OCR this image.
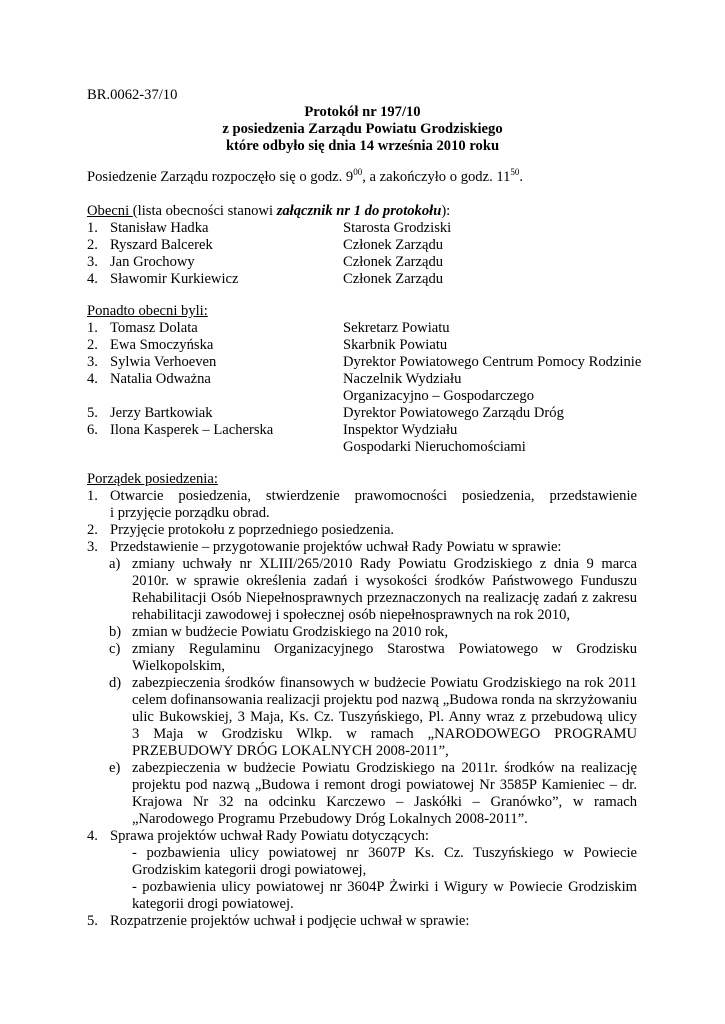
BR.0062-37/10
Protokół nr 197/10
z posiedzenia Zarządu Powiatu Grodziskiego
które odbyło się dnia 14 września 2010 roku
Posiedzenie Zarządu rozpoczęło się o godz. $9^{00}$, a zakończyło o godz. $11^{50}$.
Obecni (lista obecności stanowi załącznik nr 1 do protokołu):
1. Stanisław Hadka	Starosta Grodziski
2. Ryszard Balcerek	Członek Zarządu
3. Jan Grochowy	Członek Zarządu
4. Sławomir Kurkiewicz	Członek Zarządu
Ponadto obecni byli:
1. Tomasz Dolata	Sekretarz Powiatu
2. Ewa Smoczyńska	Skarbnik Powiatu
3. Sylwia Verhoeven	Dyrektor Powiatowego Centrum Pomocy Rodzinie
4. Natalia Odważna	Naczelnik Wydziału
Organizacyjno – Gospodarczego
5. Jerzy Bartkowiak	Dyrektor Powiatowego Zarządu Dróg
6. Ilona Kasperek – Lacherska	Inspektor Wydziału
Gospodarki Nieruchomościami
Porządek posiedzenia:
1. Otwarcie posiedzenia, stwierdzenie prawomocności posiedzenia, przedstawienie
i przyjęcie porządku obrad.
2. Przyjęcie protokołu z poprzedniego posiedzenia.
3. Przedstawienie – przygotowanie projektów uchwał Rady Powiatu w sprawie:
a) zmiany uchwały nr XLIII/265/2010 Rady Powiatu Grodziskiego z dnia 9 marca
2010r. w sprawie określenia zadań i wysokości środków Państwowego Funduszu
Rehabilitacji Osób Niepełnosprawnych przeznaczonych na realizację zadań z zakresu
rehabilitacji zawodowej i społecznej osób niepełnosprawnych na rok 2010,
b) zmian w budżecie Powiatu Grodziskiego na 2010 rok,
c) zmiany Regulaminu Organizacyjnego Starostwa Powiatowego w Grodzisku
Wielkopolskim,
d) zabezpieczenia środków finansowych w budżecie Powiatu Grodziskiego na rok 2011
celem dofinansowania realizacji projektu pod nazwą „Budowa ronda na skrzyżowaniu
ulic Bukowskiej, 3 Maja, Ks. Cz. Tuszyńskiego, Pl. Anny wraz z przebudową ulicy
3 Maja w Grodzisku Wlkp. w ramach „NARODOWEGO PROGRAMU
PRZEBUDOWY DRÓG LOKALNYCH 2008-2011”,
e) zabezpieczenia w budżecie Powiatu Grodziskiego na 2011r. środków na realizację
projektu pod nazwą „Budowa i remont drogi powiatowej Nr 3585P Kamieniec – dr.
Krajowa Nr 32 na odcinku Karczewo – Jaskółki – Granówko”, w ramach
„Narodowego Programu Przebudowy Dróg Lokalnych 2008-2011”.
4. Sprawa projektów uchwał Rady Powiatu dotyczących:
- pozbawienia ulicy powiatowej nr 3607P Ks. Cz. Tuszyńskiego w Powiecie
Grodziskim kategorii drogi powiatowej,
- pozbawienia ulicy powiatowej nr 3604P Żwirki i Wigury w Powiecie Grodziskim
kategorii drogi powiatowej.
5. Rozpatrzenie projektów uchwał i podjęcie uchwał w sprawie:
